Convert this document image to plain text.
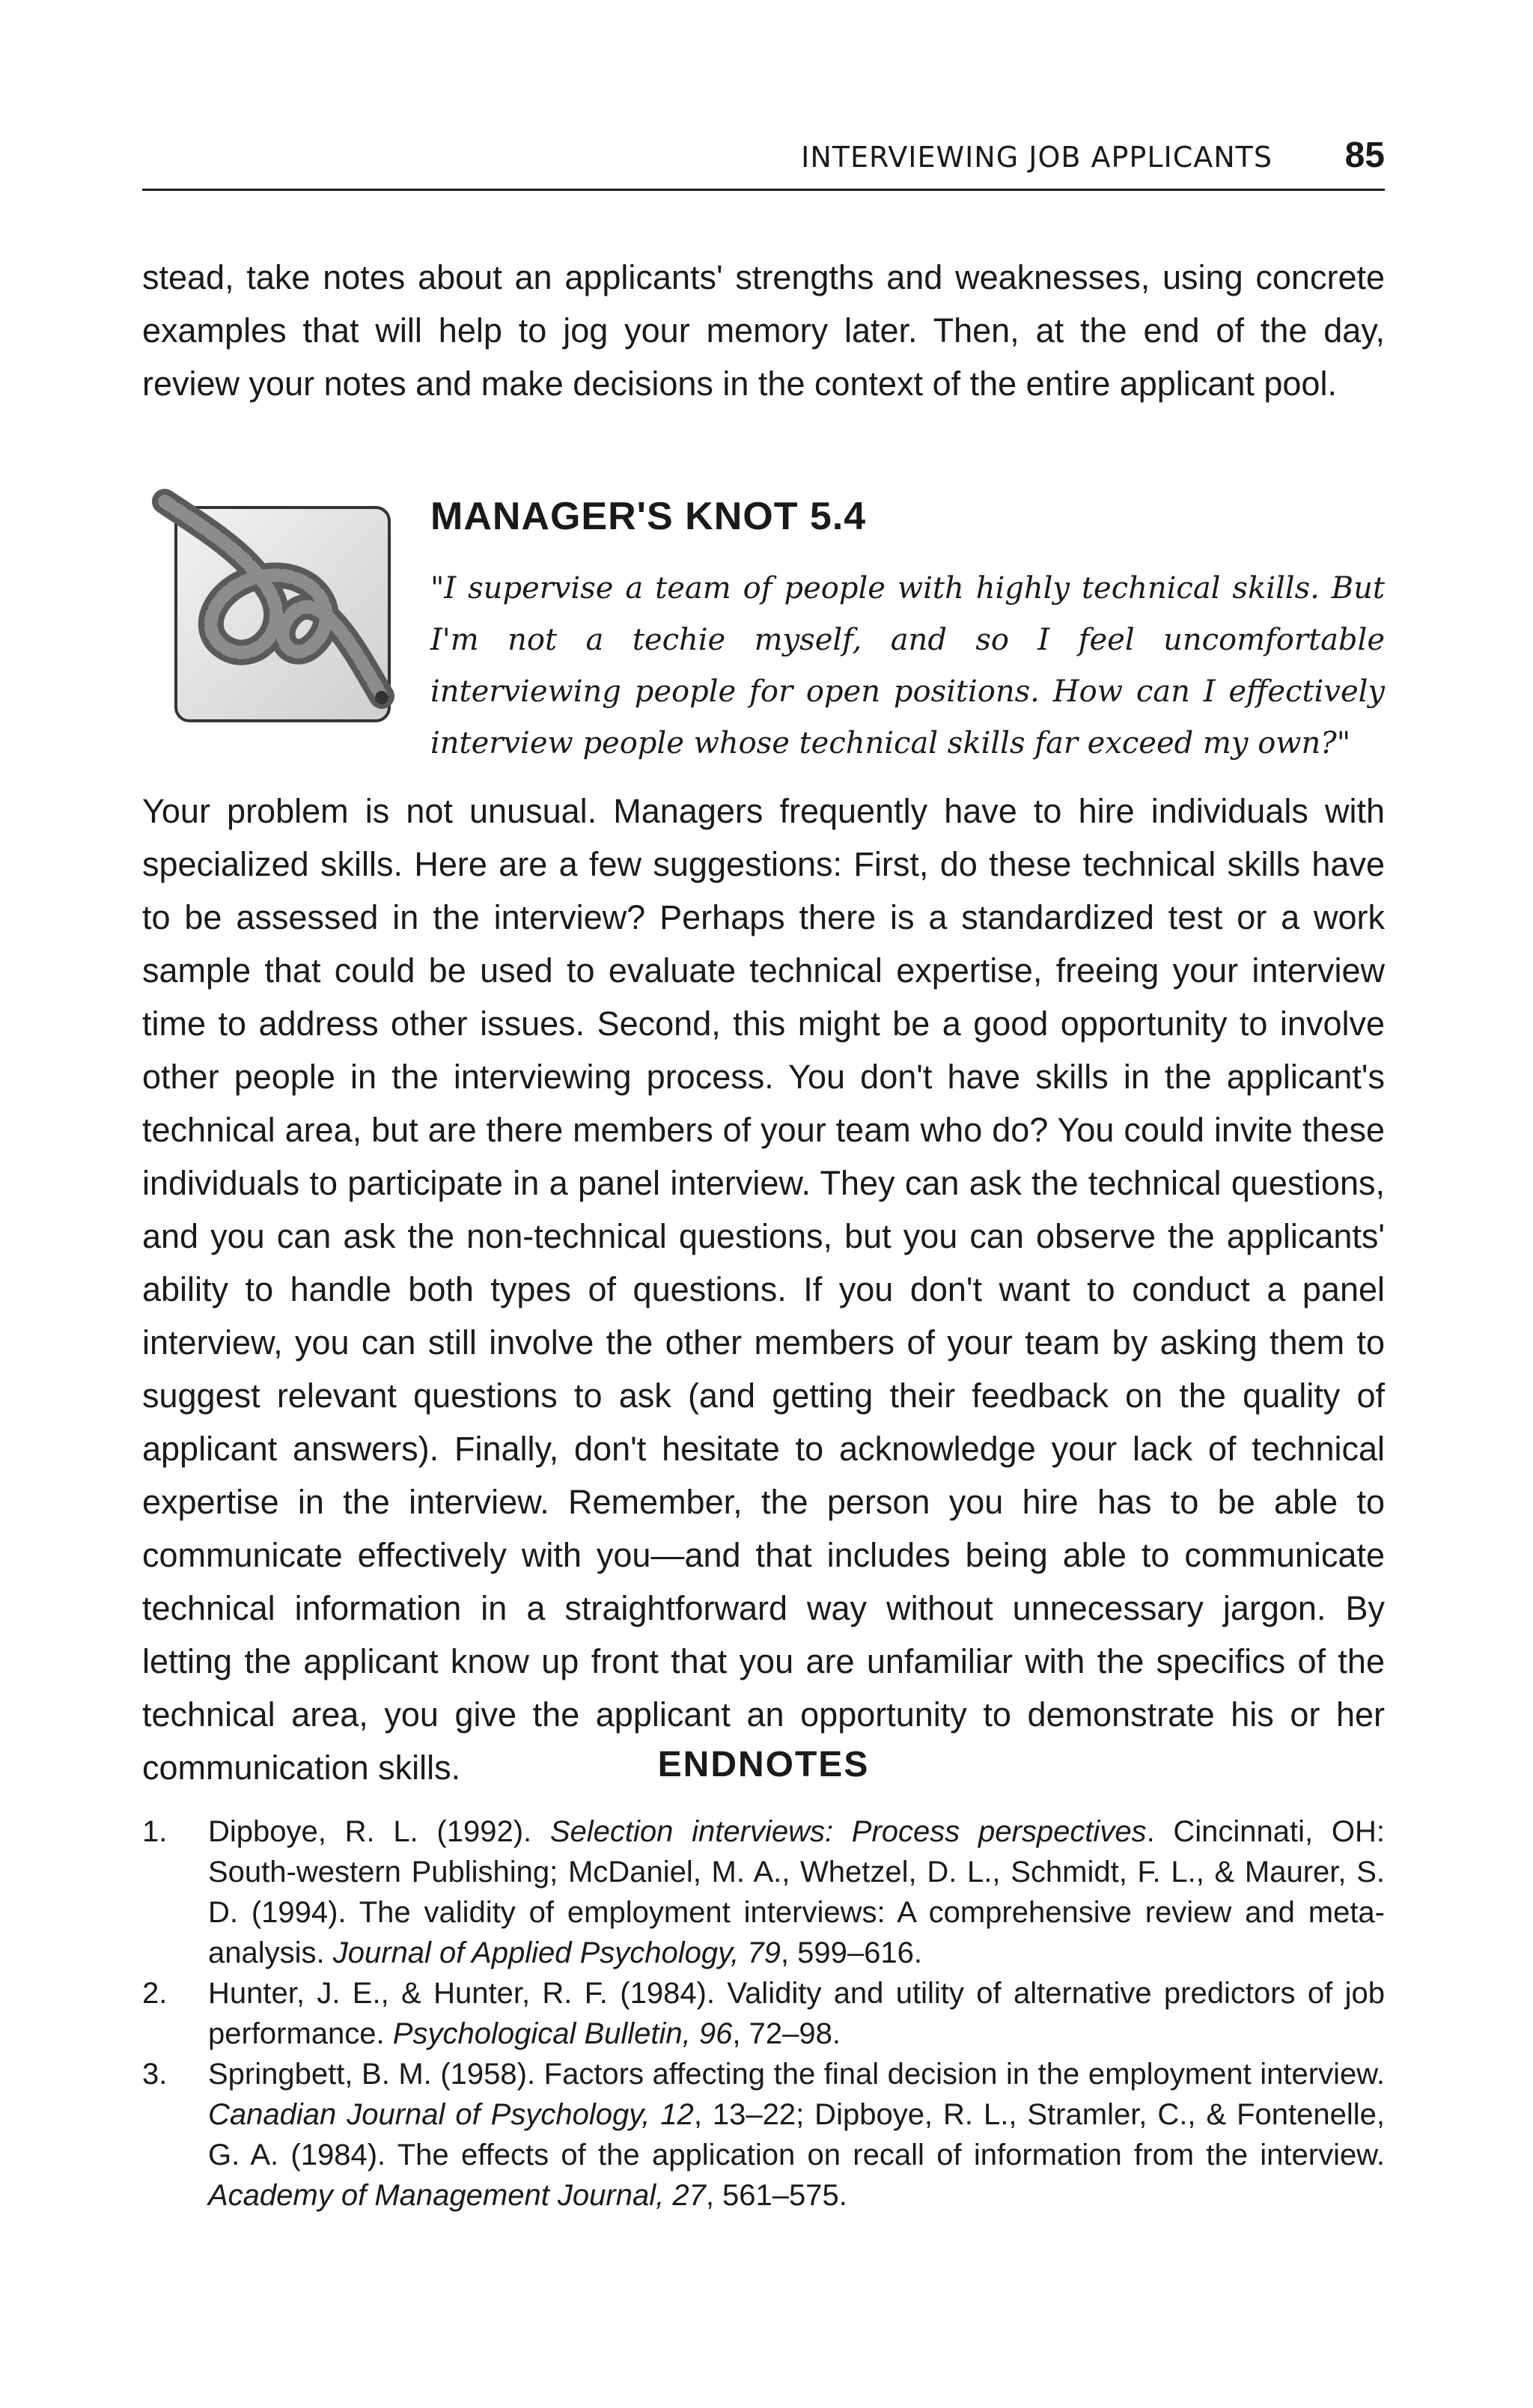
INTERVIEWING JOB APPLICANTS 85

stead, take notes about an applicants' strengths and weaknesses, using concrete examples that will help to jog your memory later. Then, at the end of the day, review your notes and make decisions in the context of the entire applicant pool.

MANAGER'S KNOT 5.4

"I supervise a team of people with highly technical skills. But I'm not a techie myself, and so I feel uncomfortable interviewing people for open positions. How can I effectively interview people whose technical skills far exceed my own?"

Your problem is not unusual. Managers frequently have to hire individuals with specialized skills. Here are a few suggestions: First, do these technical skills have to be assessed in the interview? Perhaps there is a standardized test or a work sample that could be used to evaluate technical expertise, freeing your interview time to address other issues. Second, this might be a good opportunity to involve other people in the interviewing process. You don't have skills in the applicant's technical area, but are there members of your team who do? You could invite these individuals to participate in a panel interview. They can ask the technical questions, and you can ask the non-technical questions, but you can observe the applicants' ability to handle both types of questions. If you don't want to conduct a panel interview, you can still involve the other members of your team by asking them to suggest relevant questions to ask (and getting their feedback on the quality of applicant answers). Finally, don't hesitate to acknowledge your lack of technical expertise in the interview. Remember, the person you hire has to be able to communicate effectively with you—and that includes being able to communicate technical information in a straightforward way without unnecessary jargon. By letting the applicant know up front that you are unfamiliar with the specifics of the technical area, you give the applicant an opportunity to demonstrate his or her communication skills.	ENDNOTES
1. Dipboye, R. L. (1992). Selection interviews: Process perspectives. Cincinnati, OH: South-western Publishing; McDaniel, M. A., Whetzel, D. L., Schmidt, F. L., & Maurer, S. D. (1994). The validity of employment interviews: A comprehensive review and meta-analysis. Journal of Applied Psychology, 79, 599–616.
2. Hunter, J. E., & Hunter, R. F. (1984). Validity and utility of alternative predictors of job performance. Psychological Bulletin, 96, 72–98.
3. Springbett, B. M. (1958). Factors affecting the final decision in the employment interview. Canadian Journal of Psychology, 12, 13–22; Dipboye, R. L., Stramler, C., & Fontenelle, G. A. (1984). The effects of the application on recall of information from the interview. Academy of Management Journal, 27, 561–575.
